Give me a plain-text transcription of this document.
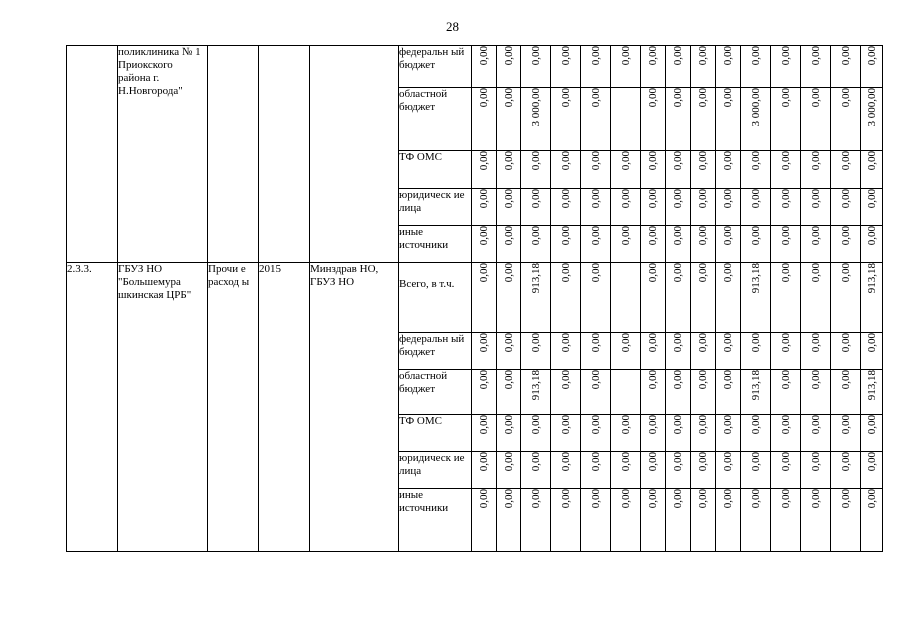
28
	поликлиника № 1 Приокского района г. Н.Новгорода"				федеральн ый бюджет	0,00	0,00	0,00	0,00	0,00	0,00	0,00	0,00	0,00	0,00	0,00	0,00	0,00	0,00	0,00

					областной бюджет	0,00	0,00	3 000,00	0,00	0,00		0,00	0,00	0,00	0,00	3 000,00	0,00	0,00	0,00	3 000,00

					ТФ ОМС	0,00	0,00	0,00	0,00	0,00	0,00	0,00	0,00	0,00	0,00	0,00	0,00	0,00	0,00	0,00

					юридическ ие лица	0,00	0,00	0,00	0,00	0,00	0,00	0,00	0,00	0,00	0,00	0,00	0,00	0,00	0,00	0,00

					иные источники	0,00	0,00	0,00	0,00	0,00	0,00	0,00	0,00	0,00	0,00	0,00	0,00	0,00	0,00	0,00

2.3.3.	ГБУЗ НО "Большемура шкинская ЦРБ"	Прочи е расход ы	2015	Минздрав НО, ГБУЗ НО	Всего, в т.ч.	0,00	0,00	913,18	0,00	0,00		0,00	0,00	0,00	0,00	913,18	0,00	0,00	0,00	913,18

					федеральн ый бюджет	0,00	0,00	0,00	0,00	0,00	0,00	0,00	0,00	0,00	0,00	0,00	0,00	0,00	0,00	0,00

					областной бюджет	0,00	0,00	913,18	0,00	0,00		0,00	0,00	0,00	0,00	913,18	0,00	0,00	0,00	913,18

					ТФ ОМС	0,00	0,00	0,00	0,00	0,00	0,00	0,00	0,00	0,00	0,00	0,00	0,00	0,00	0,00	0,00

					юридическ ие лица	0,00	0,00	0,00	0,00	0,00	0,00	0,00	0,00	0,00	0,00	0,00	0,00	0,00	0,00	0,00

					иные источники	0,00	0,00	0,00	0,00	0,00	0,00	0,00	0,00	0,00	0,00	0,00	0,00	0,00	0,00	0,00
